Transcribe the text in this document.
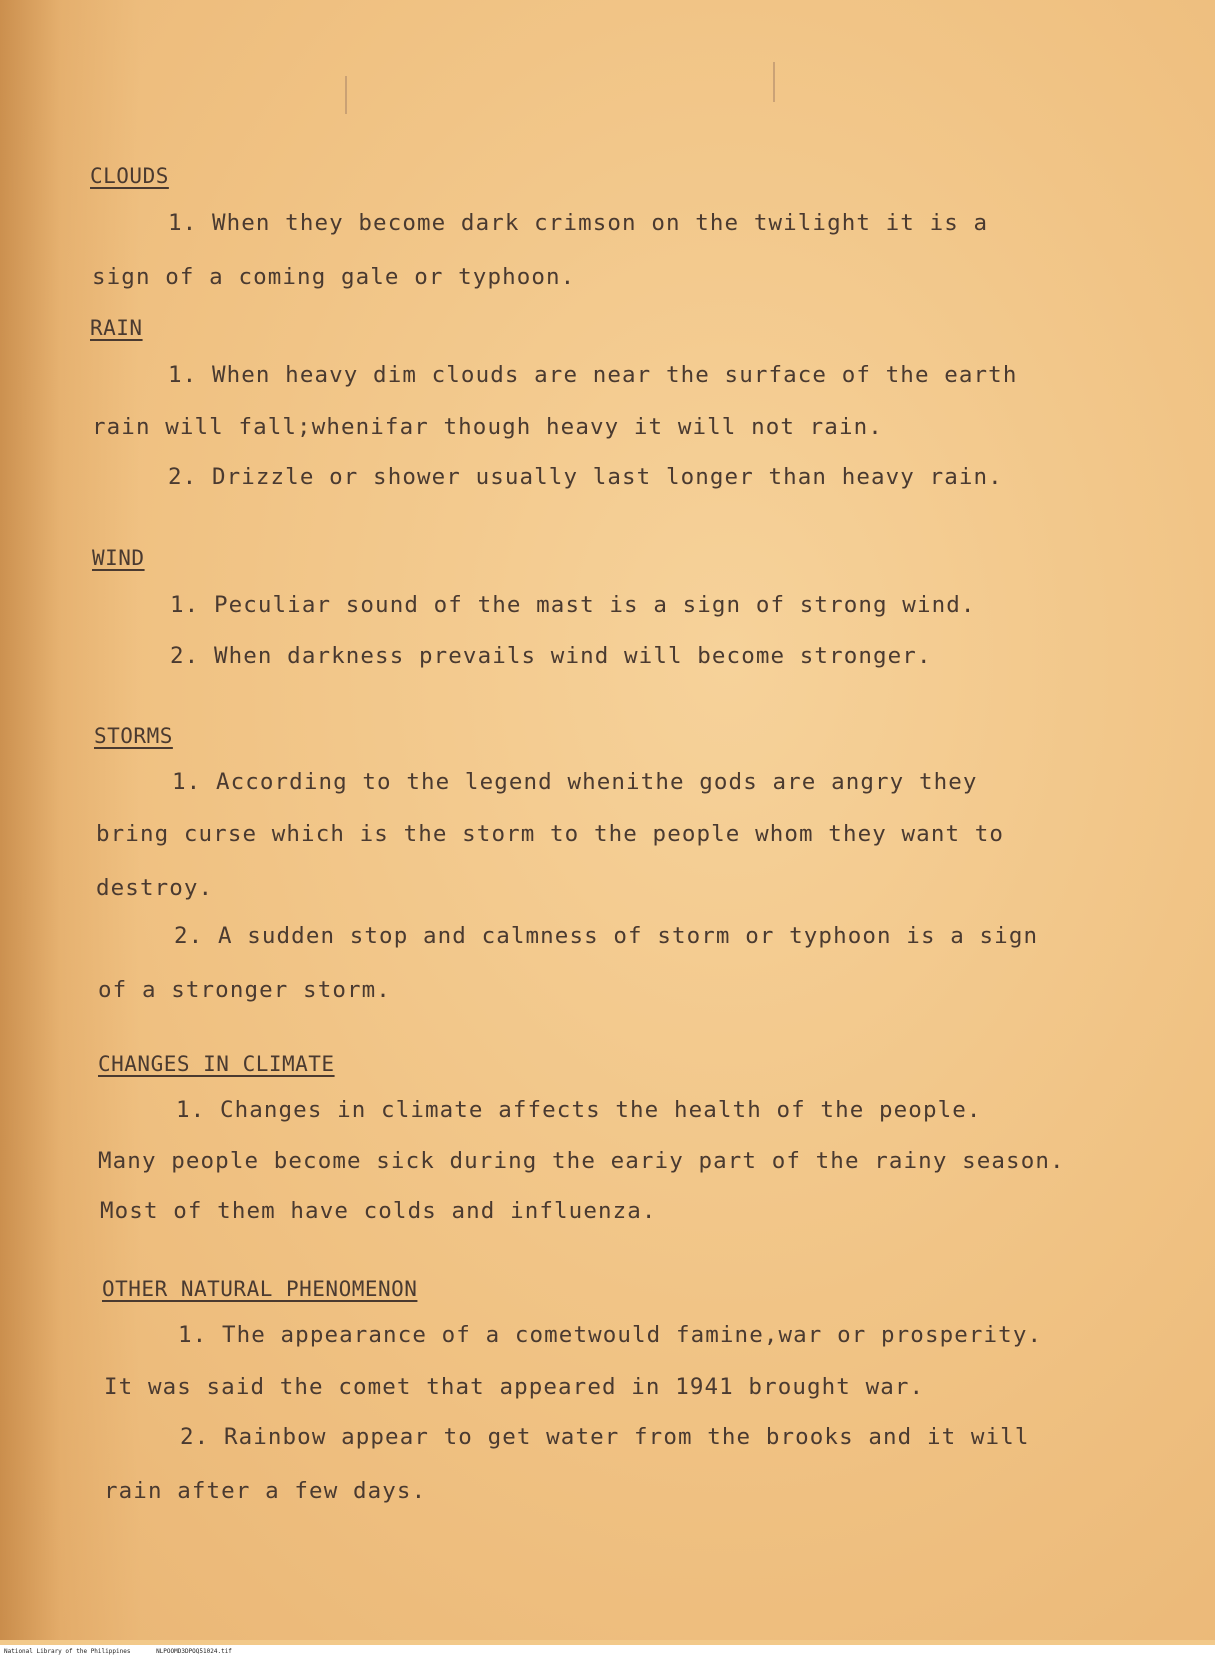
CLOUDS
1. When they become dark crimson on the twilight it is a
sign of a coming gale or typhoon.
RAIN
1. When heavy dim clouds are near the surface of the earth
rain will fall;whenifar though heavy it will not rain.
2. Drizzle or shower usually last longer than heavy rain.
WIND
1. Peculiar sound of the mast is a sign of strong wind.
2. When darkness prevails wind will become stronger.
STORMS
1. According to the legend whenithe gods are angry they
bring curse which is the storm to the people whom they want to
destroy.
2. A sudden stop and calmness of storm or typhoon is a sign
of a stronger storm.
CHANGES IN CLIMATE
1. Changes in climate affects the health of the people.
Many people become sick during the eariy part of the rainy season.
Most of them have colds and influenza.
OTHER NATURAL PHENOMENON
1. The appearance of a cometwould famine,war or prosperity.
It was said the comet that appeared in 1941 brought war.
2. Rainbow appear to get water from the brooks and it will
rain after a few days.
National Library of the Philippines	NLPOOMD3DPOQ51024.tif
